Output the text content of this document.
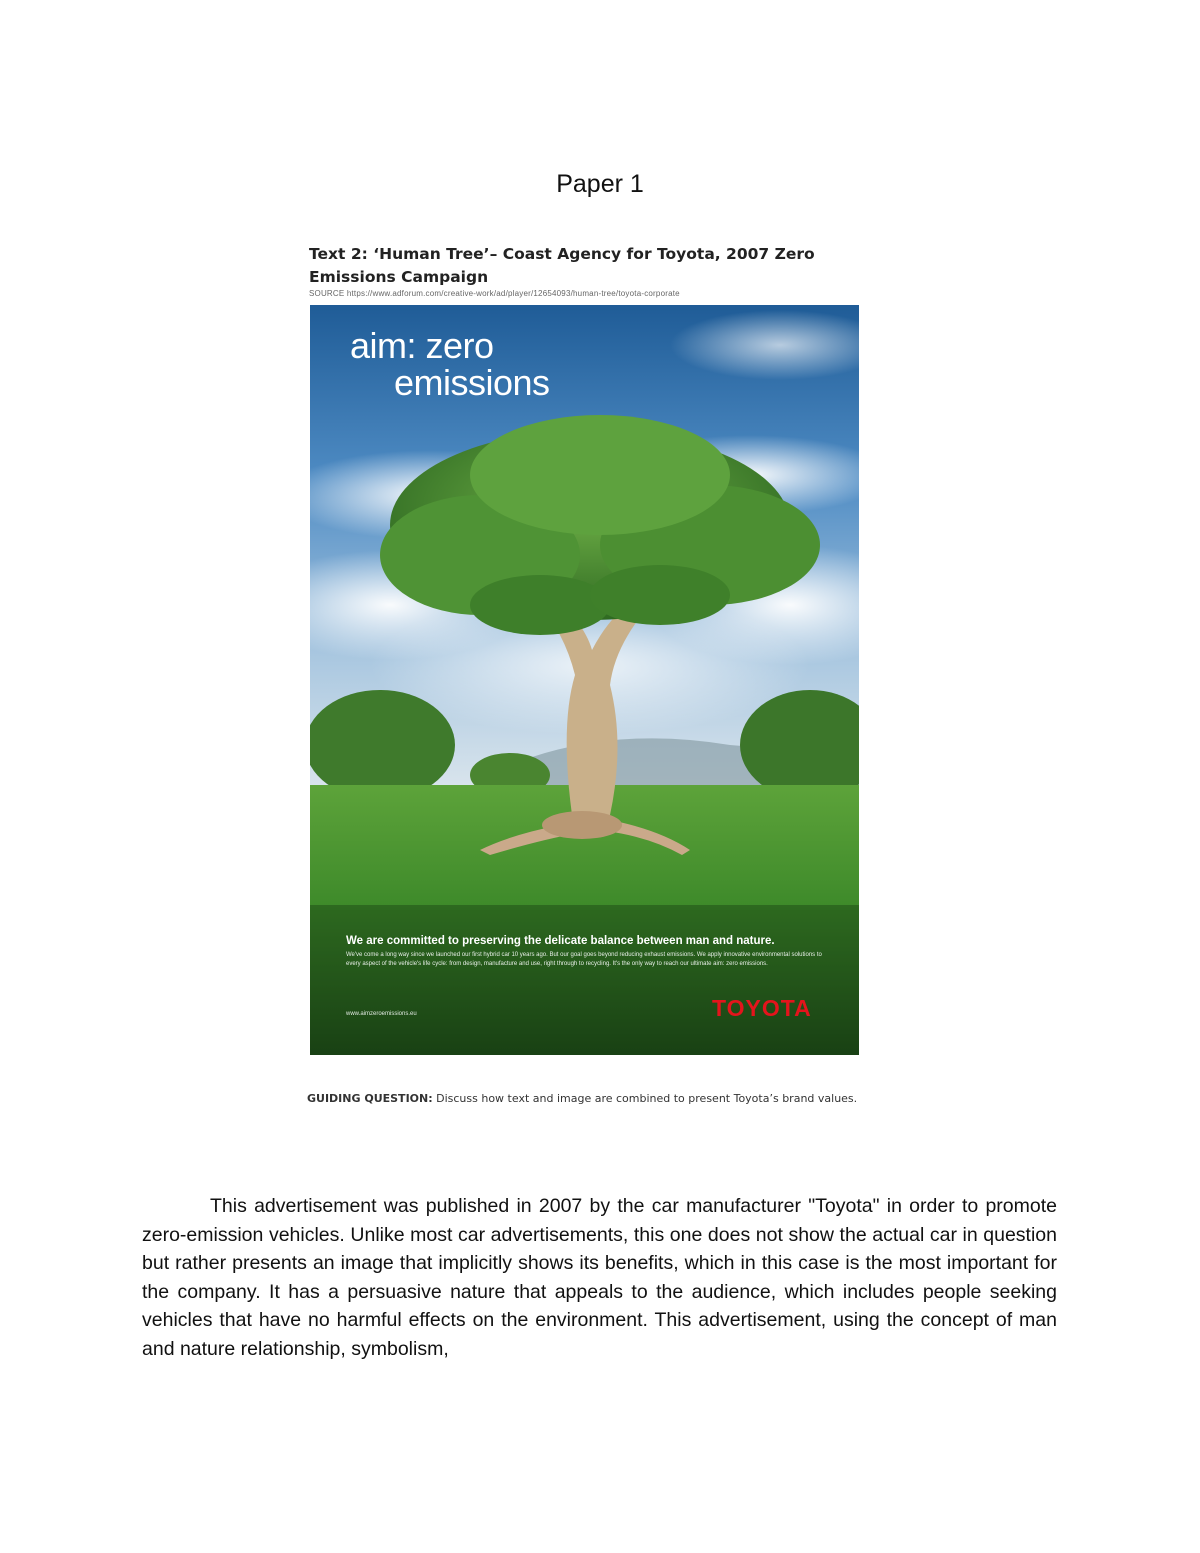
Paper 1

Text 2: ‘Human Tree’– Coast Agency for Toyota, 2007 Zero Emissions Campaign

SOURCE https://www.adforum.com/creative-work/ad/player/12654093/human-tree/toyota-corporate
aim: zero
emissions
We are committed to preserving the delicate balance between man and nature.
We've come a long way since we launched our first hybrid car 10 years ago. But our goal goes beyond reducing exhaust emissions. We apply innovative environmental solutions to every aspect of the vehicle's life cycle: from design, manufacture and use, right through to recycling. It's the only way to reach our ultimate aim: zero emissions.
www.aimzeroemissions.eu	TOYOTA
GUIDING QUESTION: Discuss how text and image are combined to present Toyota’s brand values.

This advertisement was published in 2007 by the car manufacturer "Toyota" in order to promote zero-emission vehicles. Unlike most car advertisements, this one does not show the actual car in question but rather presents an image that implicitly shows its benefits, which in this case is the most important for the company. It has a persuasive nature that appeals to the audience, which includes people seeking vehicles that have no harmful effects on the environment. This advertisement, using the concept of man and nature relationship, symbolism,
